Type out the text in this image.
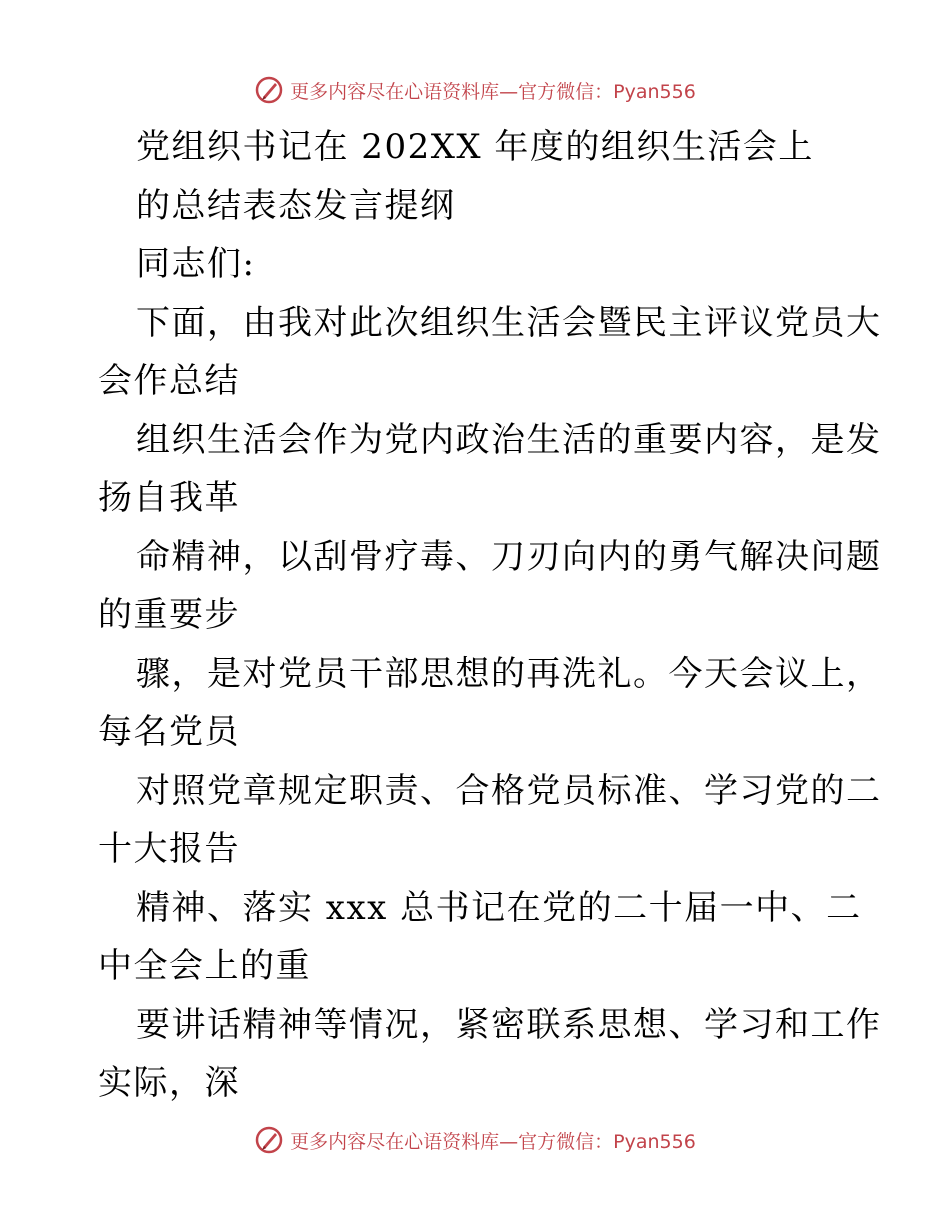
更多内容尽在心语资料库—官方微信：Pyan556
党组织书记在 202XX 年度的组织生活会上
的总结表态发言提纲
同志们:
下面，由我对此次组织生活会暨民主评议党员大
会作总结
组织生活会作为党内政治生活的重要内容，是发
扬自我革
命精神，以刮骨疗毒、刀刃向内的勇气解决问题
的重要步
骤，是对党员干部思想的再洗礼。今天会议上，
每名党员
对照党章规定职责、合格党员标准、学习党的二
十大报告
精神、落实 xxx 总书记在党的二十届一中、二
中全会上的重
要讲话精神等情况，紧密联系思想、学习和工作
实际，深
更多内容尽在心语资料库—官方微信：Pyan556
